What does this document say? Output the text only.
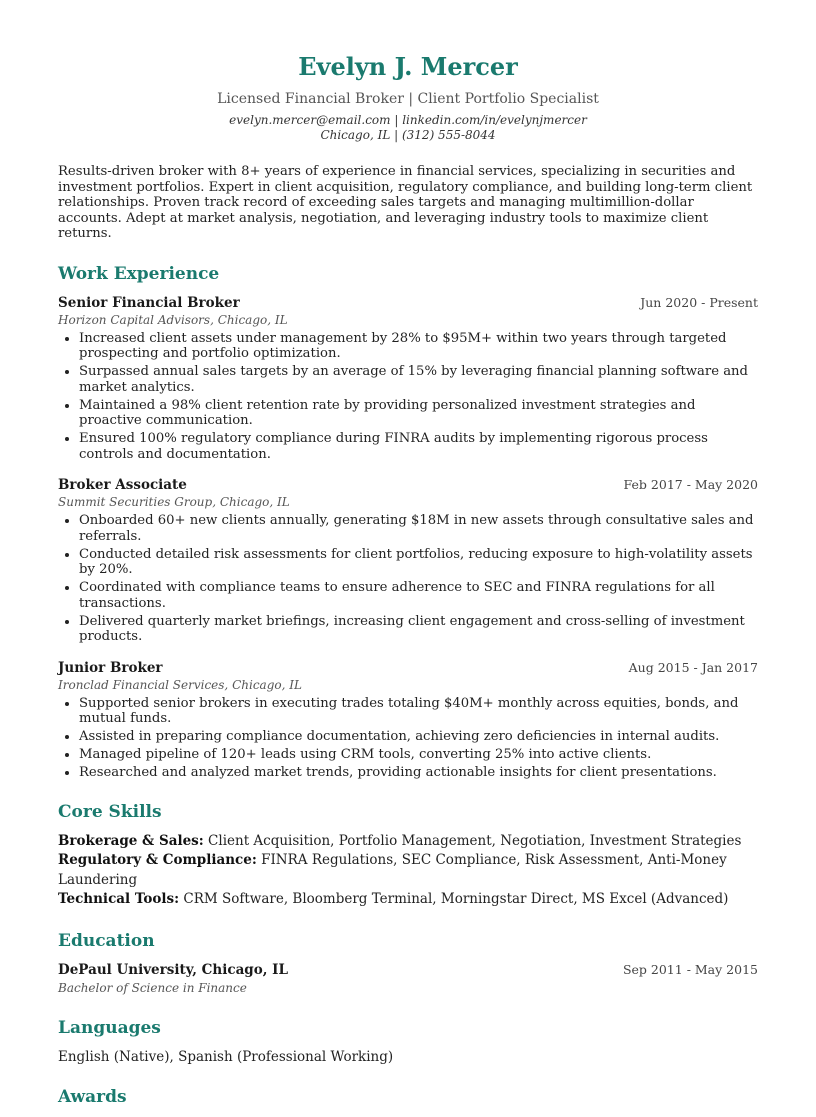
Evelyn J. Mercer
Licensed Financial Broker | Client Portfolio Specialist
evelyn.mercer@email.com | linkedin.com/in/evelynjmercer
Chicago, IL | (312) 555-8044

Results-driven broker with 8+ years of experience in financial services, specializing in securities and investment portfolios. Expert in client acquisition, regulatory compliance, and building long-term client relationships. Proven track record of exceeding sales targets and managing multimillion-dollar accounts. Adept at market analysis, negotiation, and leveraging industry tools to maximize client returns.

Work Experience
Senior Financial Broker	Jun 2020 - Present
Horizon Capital Advisors, Chicago, IL
• Increased client assets under management by 28% to $95M+ within two years through targeted prospecting and portfolio optimization.
• Surpassed annual sales targets by an average of 15% by leveraging financial planning software and market analytics.
• Maintained a 98% client retention rate by providing personalized investment strategies and proactive communication.
• Ensured 100% regulatory compliance during FINRA audits by implementing rigorous process controls and documentation.
Broker Associate	Feb 2017 - May 2020
Summit Securities Group, Chicago, IL
• Onboarded 60+ new clients annually, generating $18M in new assets through consultative sales and referrals.
• Conducted detailed risk assessments for client portfolios, reducing exposure to high-volatility assets by 20%.
• Coordinated with compliance teams to ensure adherence to SEC and FINRA regulations for all transactions.
• Delivered quarterly market briefings, increasing client engagement and cross-selling of investment products.
Junior Broker	Aug 2015 - Jan 2017
Ironclad Financial Services, Chicago, IL
• Supported senior brokers in executing trades totaling $40M+ monthly across equities, bonds, and mutual funds.
• Assisted in preparing compliance documentation, achieving zero deficiencies in internal audits.
• Managed pipeline of 120+ leads using CRM tools, converting 25% into active clients.
• Researched and analyzed market trends, providing actionable insights for client presentations.
Core Skills
Brokerage & Sales: Client Acquisition, Portfolio Management, Negotiation, Investment Strategies
Regulatory & Compliance: FINRA Regulations, SEC Compliance, Risk Assessment, Anti-Money Laundering
Technical Tools: CRM Software, Bloomberg Terminal, Morningstar Direct, MS Excel (Advanced)
Education
DePaul University, Chicago, IL	Sep 2011 - May 2015
Bachelor of Science in Finance
Languages
English (Native), Spanish (Professional Working)
Awards
